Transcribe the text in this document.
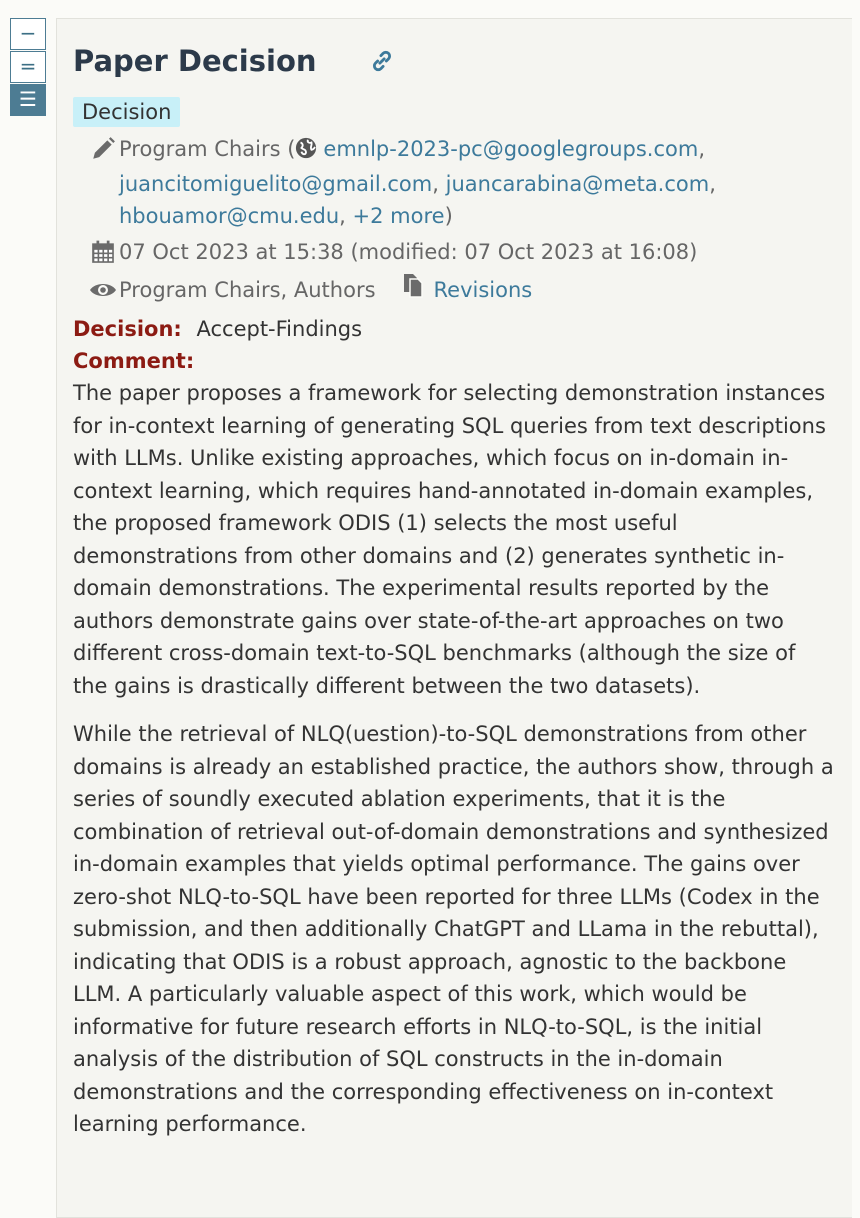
−
=
☰
Paper Decision
Decision
Program Chairs ( emnlp-2023-pc@googlegroups.com,
juancitomiguelito@gmail.com, juancarabina@meta.com,
hbouamor@cmu.edu, +2 more)
07 Oct 2023 at 15:38 (modified: 07 Oct 2023 at 16:08)
Program Chairs, Authors	Revisions
Decision: Accept-Findings
Comment:

The paper proposes a framework for selecting demonstration instances for in-context learning of generating SQL queries from text descriptions with LLMs. Unlike existing approaches, which focus on in-domain in-context learning, which requires hand-annotated in-domain examples, the proposed framework ODIS (1) selects the most useful demonstrations from other domains and (2) generates synthetic in-domain demonstrations. The experimental results reported by the authors demonstrate gains over state-of-the-art approaches on two different cross-domain text-to-SQL benchmarks (although the size of the gains is drastically different between the two datasets).

While the retrieval of NLQ(uestion)-to-SQL demonstrations from other domains is already an established practice, the authors show, through a series of soundly executed ablation experiments, that it is the combination of retrieval out-of-domain demonstrations and synthesized in-domain examples that yields optimal performance. The gains over zero-shot NLQ-to-SQL have been reported for three LLMs (Codex in the submission, and then additionally ChatGPT and LLama in the rebuttal), indicating that ODIS is a robust approach, agnostic to the backbone LLM. A particularly valuable aspect of this work, which would be informative for future research efforts in NLQ-to-SQL, is the initial analysis of the distribution of SQL constructs in the in-domain demonstrations and the corresponding effectiveness on in-context learning performance.
